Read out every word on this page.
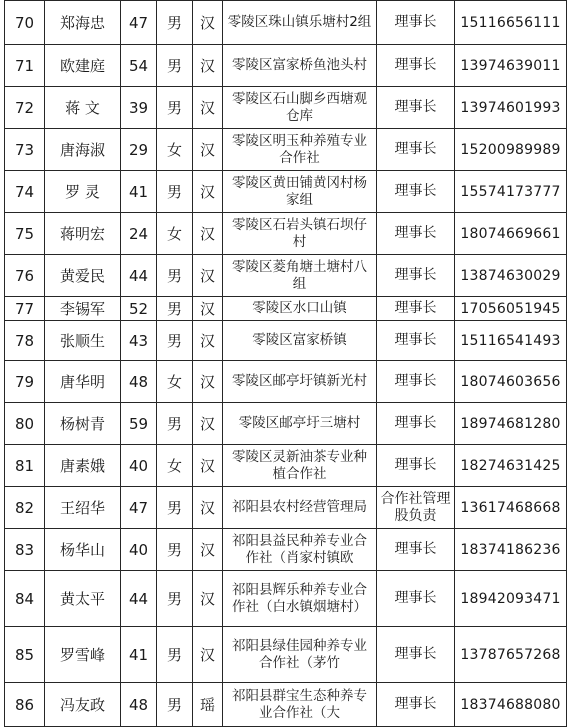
70	郑海忠	47	男	汉	零陵区珠山镇乐塘村2组	理事长	15116656111
71	欧建庭	54	男	汉	零陵区富家桥鱼池头村	理事长	13974639011
72	蒋 文	39	男	汉	零陵区石山脚乡西塘观仓库	理事长	13974601993
73	唐海淑	29	女	汉	零陵区明玉种养殖专业合作社	理事长	15200989989
74	罗 灵	41	男	汉	零陵区黄田铺黄冈村杨家组	理事长	15574173777
75	蒋明宏	24	女	汉	零陵区石岩头镇石坝仔村	理事长	18074669661
76	黄爱民	44	男	汉	零陵区菱角塘土塘村八组	理事长	13874630029
77	李锡军	52	男	汉	零陵区水口山镇	理事长	17056051945
78	张顺生	43	男	汉	零陵区富家桥镇	理事长	15116541493
79	唐华明	48	女	汉	零陵区邮亭圩镇新光村	理事长	18074603656
80	杨树青	59	男	汉	零陵区邮亭圩三塘村	理事长	18974681280
81	唐素娥	40	女	汉	零陵区灵新油茶专业种植合作社	理事长	18274631425
82	王绍华	47	男	汉	祁阳县农村经营管理局	合作社管理股负责	13617468668
83	杨华山	40	男	汉	祁阳县益民种养专业合作社（肖家村镇欧	理事长	18374186236
84	黄太平	44	男	汉	祁阳县辉乐种养专业合作社（白水镇烟塘村）	理事长	18942093471
85	罗雪峰	41	男	汉	祁阳县绿佳园种养专业合作社（茅竹	理事长	13787657268
86	冯友政	48	男	瑶	祁阳县群宝生态种养专业合作社（大	理事长	18374688080
